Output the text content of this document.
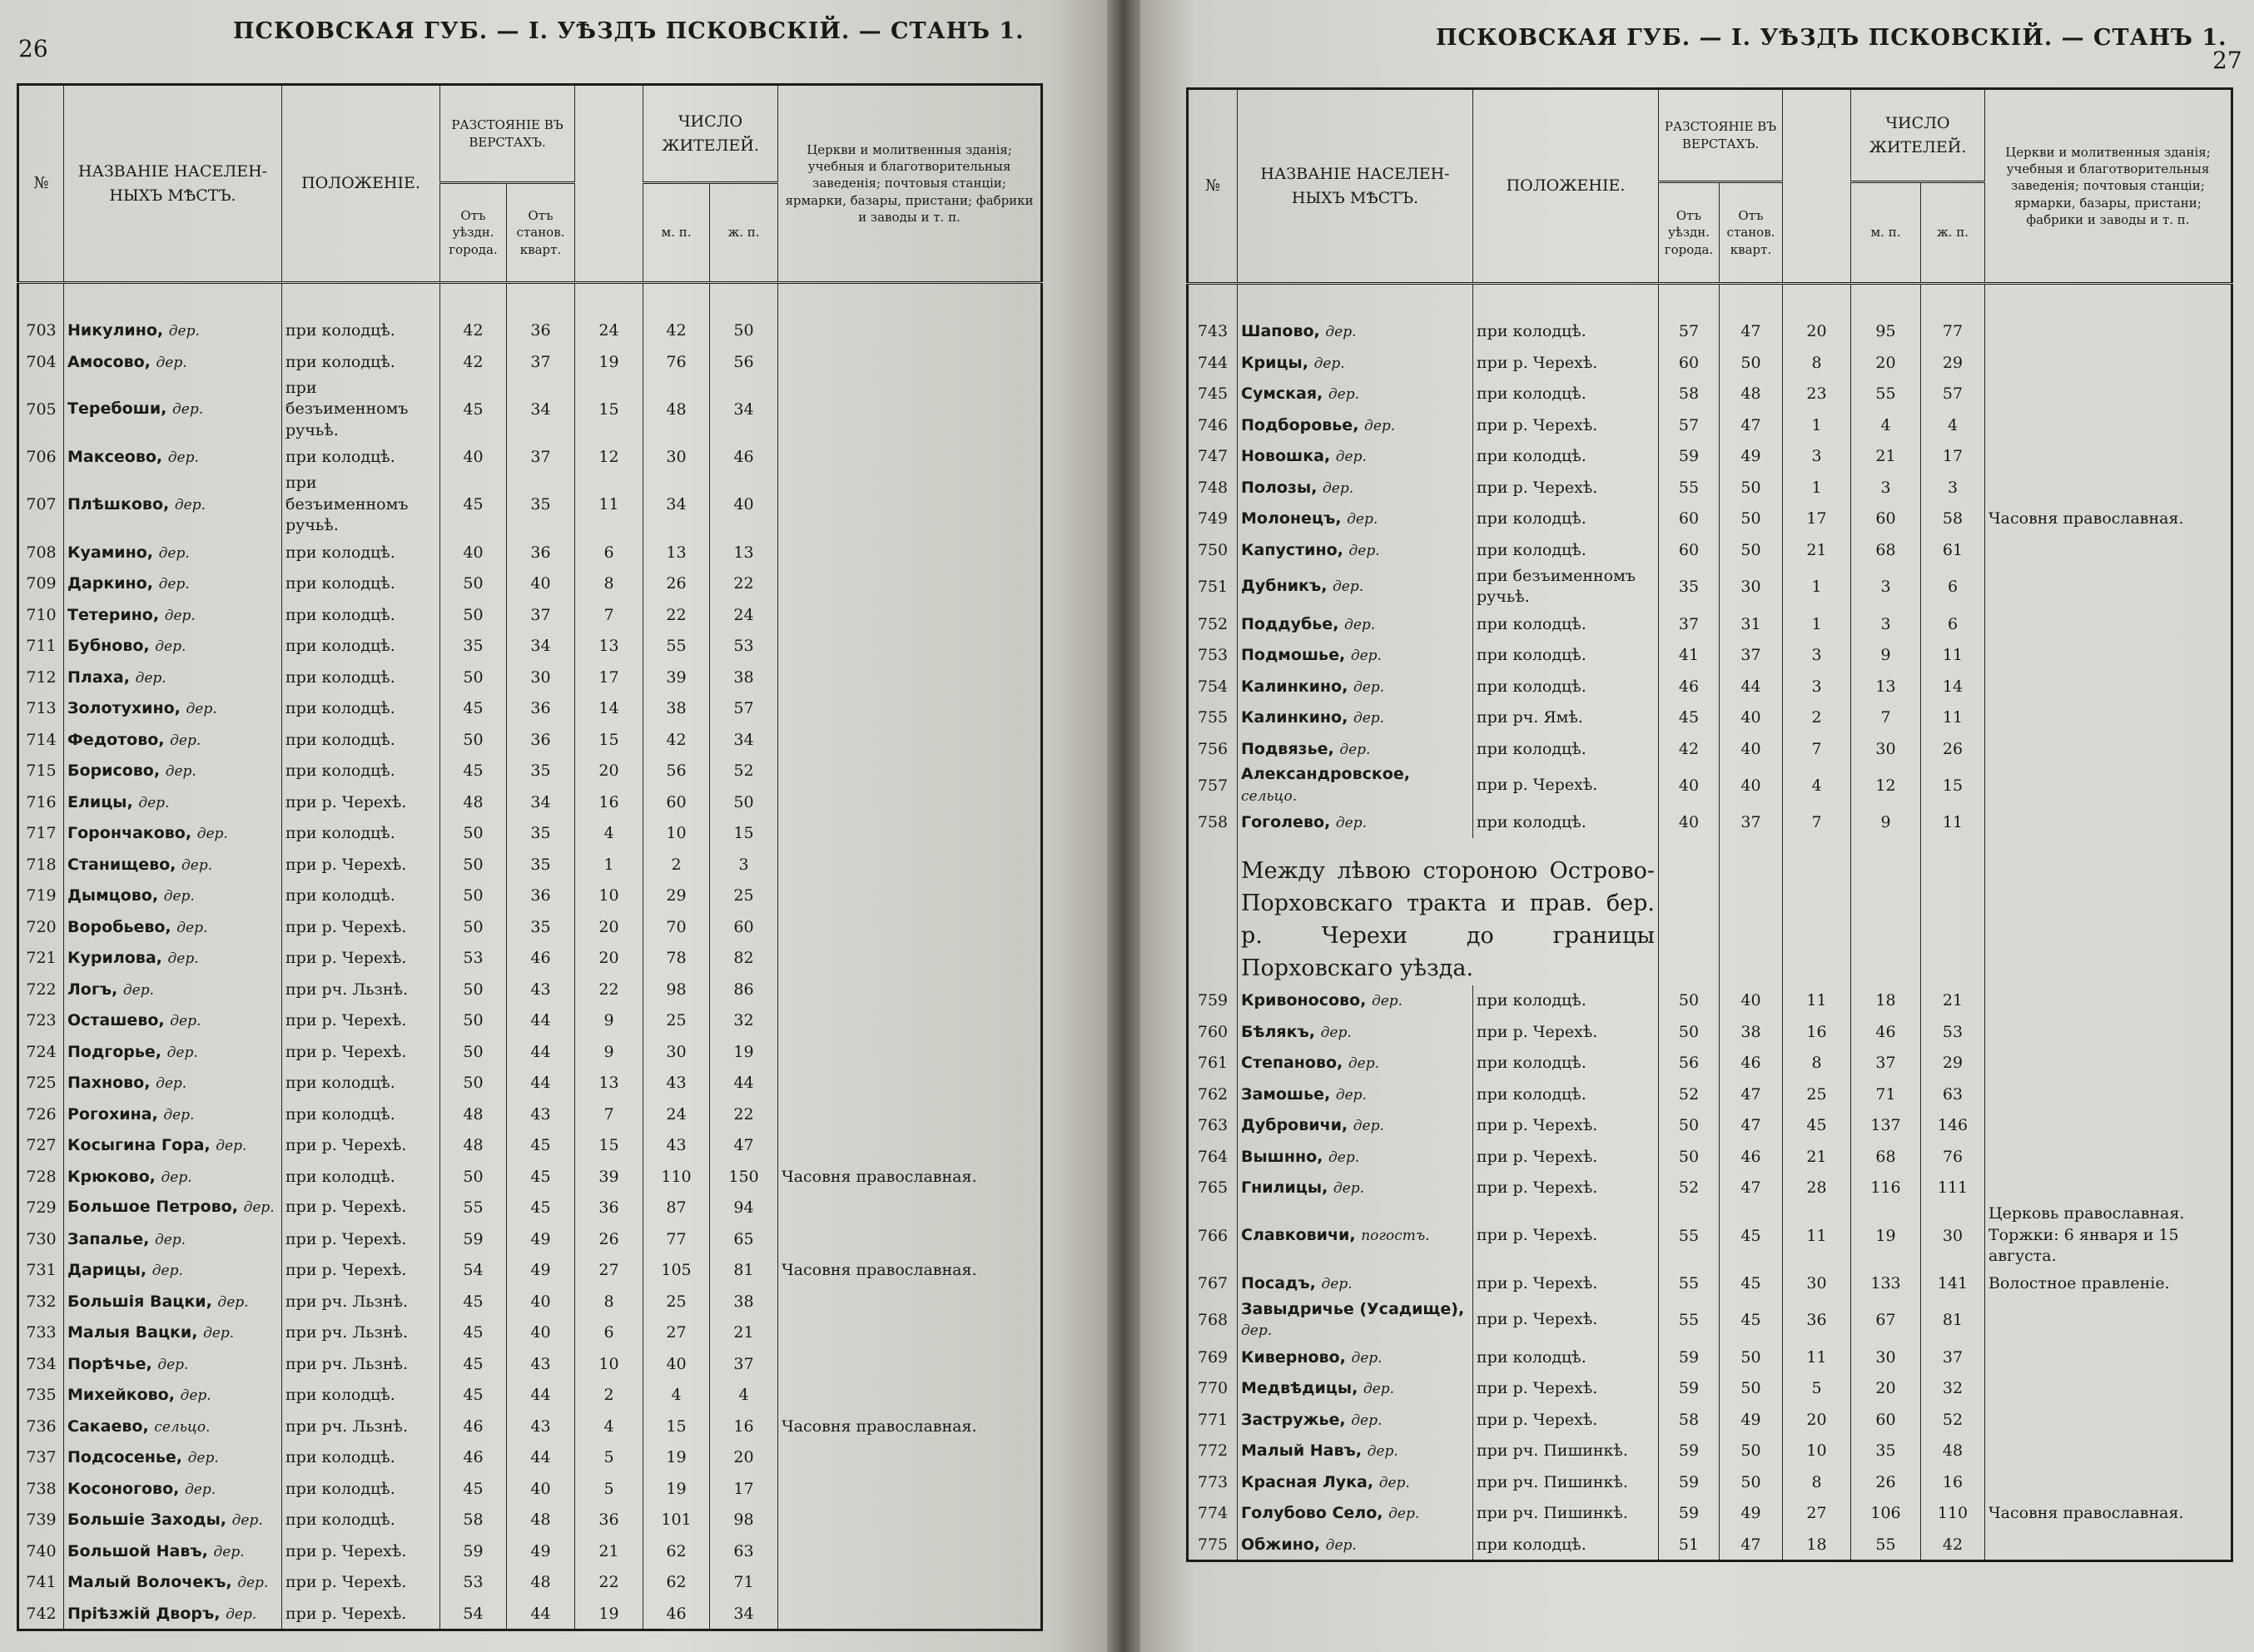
26
ПСКОВСКАЯ ГУБ. — I. УѢЗДЪ ПСКОВСКІЙ. — СТАНЪ 1.
№	НАЗВАНІЕ НАСЕЛЕН- НЫХЪ МѢСТЪ.	ПОЛОЖЕНІЕ.	РАЗСТОЯНІЕ ВЪ ВЕРСТАХЪ.			ЧИСЛО ЖИТЕЛЕЙ.		Церкви и молитвенныя зданія; учебныя и благотворительныя заведенія; почтовыя станціи; ярмарки, базары, пристани; фабрики и заводы и т. п.
			Отъ уѣздн. города.	Отъ станов. кварт.		м. п.	ж. п.	

703	Никулино, дер.	при колодцѣ.	42	36	24	42	50	
704	Амосово, дер.	при колодцѣ.	42	37	19	76	56	
705	Теребоши, дер.	при безъименномъ ручьѣ.	45	34	15	48	34	
706	Максеово, дер.	при колодцѣ.	40	37	12	30	46	
707	Плѣшково, дер.	при безъименномъ ручьѣ.	45	35	11	34	40	
708	Куамино, дер.	при колодцѣ.	40	36	6	13	13	
709	Даркино, дер.	при колодцѣ.	50	40	8	26	22	
710	Тетерино, дер.	при колодцѣ.	50	37	7	22	24	
711	Бубново, дер.	при колодцѣ.	35	34	13	55	53	
712	Плаха, дер.	при колодцѣ.	50	30	17	39	38	
713	Золотухино, дер.	при колодцѣ.	45	36	14	38	57	
714	Федотово, дер.	при колодцѣ.	50	36	15	42	34	
715	Борисово, дер.	при колодцѣ.	45	35	20	56	52	
716	Елицы, дер.	при р. Черехѣ.	48	34	16	60	50	
717	Горончаково, дер.	при колодцѣ.	50	35	4	10	15	
718	Станищево, дер.	при р. Черехѣ.	50	35	1	2	3	
719	Дымцово, дер.	при колодцѣ.	50	36	10	29	25	
720	Воробьево, дер.	при р. Черехѣ.	50	35	20	70	60	
721	Курилова, дер.	при р. Черехѣ.	53	46	20	78	82	
722	Логъ, дер.	при рч. Льзнѣ.	50	43	22	98	86	
723	Осташево, дер.	при р. Черехѣ.	50	44	9	25	32	
724	Подгорье, дер.	при р. Черехѣ.	50	44	9	30	19	
725	Пахново, дер.	при колодцѣ.	50	44	13	43	44	
726	Рогохина, дер.	при колодцѣ.	48	43	7	24	22	
727	Косыгина Гора, дер.	при р. Черехѣ.	48	45	15	43	47	
728	Крюково, дер.	при колодцѣ.	50	45	39	110	150	Часовня православная.
729	Большое Петрово, дер.	при р. Черехѣ.	55	45	36	87	94	
730	Запалье, дер.	при р. Черехѣ.	59	49	26	77	65	
731	Дарицы, дер.	при р. Черехѣ.	54	49	27	105	81	Часовня православная.
732	Большія Вацки, дер.	при рч. Льзнѣ.	45	40	8	25	38	
733	Малыя Вацки, дер.	при рч. Льзнѣ.	45	40	6	27	21	
734	Порѣчье, дер.	при рч. Льзнѣ.	45	43	10	40	37	
735	Михейково, дер.	при колодцѣ.	45	44	2	4	4	
736	Сакаево, сельцо.	при рч. Льзнѣ.	46	43	4	15	16	Часовня православная.
737	Подсосенье, дер.	при колодцѣ.	46	44	5	19	20	
738	Косоногово, дер.	при колодцѣ.	45	40	5	19	17	
739	Большіе Заходы, дер.	при колодцѣ.	58	48	36	101	98	
740	Большой Навъ, дер.	при р. Черехѣ.	59	49	21	62	63	
741	Малый Волочекъ, дер.	при р. Черехѣ.	53	48	22	62	71	
742	Пріѣзжій Дворъ, дер.	при р. Черехѣ.	54	44	19	46	34	
ПСКОВСКАЯ ГУБ. — I. УѢЗДЪ ПСКОВСКІЙ. — СТАНЪ 1.
27
№	НАЗВАНІЕ НАСЕЛЕН- НЫХЪ МѢСТЪ.	ПОЛОЖЕНІЕ.	РАЗСТОЯНІЕ ВЪ ВЕРСТАХЪ.			ЧИСЛО ЖИТЕЛЕЙ.		Церкви и молитвенныя зданія; учебныя и благотворительныя заведенія; почтовыя станціи; ярмарки, базары, пристани; фабрики и заводы и т. п.
			Отъ уѣздн. города.	Отъ станов. кварт.		м. п.	ж. п.	

743	Шапово, дер.	при колодцѣ.	57	47	20	95	77	
744	Крицы, дер.	при р. Черехѣ.	60	50	8	20	29	
745	Сумская, дер.	при колодцѣ.	58	48	23	55	57	
746	Подборовье, дер.	при р. Черехѣ.	57	47	1	4	4	
747	Новошка, дер.	при колодцѣ.	59	49	3	21	17	
748	Полозы, дер.	при р. Черехѣ.	55	50	1	3	3	
749	Молонецъ, дер.	при колодцѣ.	60	50	17	60	58	Часовня православная.
750	Капустино, дер.	при колодцѣ.	60	50	21	68	61	
751	Дубникъ, дер.	при безъименномъ ручьѣ.	35	30	1	3	6	
752	Поддубье, дер.	при колодцѣ.	37	31	1	3	6	
753	Подмошье, дер.	при колодцѣ.	41	37	3	9	11	
754	Калинкино, дер.	при колодцѣ.	46	44	3	13	14	
755	Калинкино, дер.	при рч. Ямѣ.	45	40	2	7	11	
756	Подвязье, дер.	при колодцѣ.	42	40	7	30	26	
757	Александровское, сельцо.	при р. Черехѣ.	40	40	4	12	15	
758	Гоголево, дер.	при колодцѣ.	40	37	7	9	11	
	Между лѣвою стороною Острово-Порховскаго тракта и прав. бер. р. Черехи до границы Порховскаго уѣзда.							
759	Кривоносово, дер.	при колодцѣ.	50	40	11	18	21	
760	Бѣлякъ, дер.	при р. Черехѣ.	50	38	16	46	53	
761	Степаново, дер.	при колодцѣ.	56	46	8	37	29	
762	Замошье, дер.	при колодцѣ.	52	47	25	71	63	
763	Дубровичи, дер.	при р. Черехѣ.	50	47	45	137	146	
764	Вышнно, дер.	при р. Черехѣ.	50	46	21	68	76	
765	Гнилицы, дер.	при р. Черехѣ.	52	47	28	116	111	
766	Славковичи, погостъ.	при р. Черехѣ.	55	45	11	19	30	Церковь православная. Торжки: 6 января и 15 августа.
767	Посадъ, дер.	при р. Черехѣ.	55	45	30	133	141	Волостное правленіе.
768	Завыдричье (Усадище), дер.	при р. Черехѣ.	55	45	36	67	81	
769	Киверново, дер.	при колодцѣ.	59	50	11	30	37	
770	Медвѣдицы, дер.	при р. Черехѣ.	59	50	5	20	32	
771	Застружье, дер.	при р. Черехѣ.	58	49	20	60	52	
772	Малый Навъ, дер.	при рч. Пишинкѣ.	59	50	10	35	48	
773	Красная Лука, дер.	при рч. Пишинкѣ.	59	50	8	26	16	
774	Голубово Село, дер.	при рч. Пишинкѣ.	59	49	27	106	110	Часовня православная.
775	Обжино, дер.	при колодцѣ.	51	47	18	55	42	
